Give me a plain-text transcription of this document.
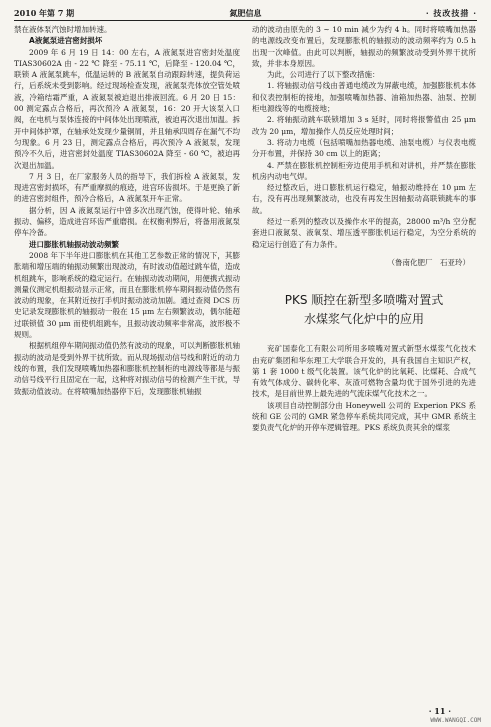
氮肥信息
2010 年第 7 期	· 技改技措 ·

禁在液体泵汽蚀时增加转速。

A液氮泵进宫密封损坏

2009 年 6 月 19 日 14：00 左右，A 液氮泵进宫密封处温度 TIAS30602A 由 - 22 ℃ 降至 - 75.11 ℃，后降至 - 120.04 ℃，联锁 A 液氮泵跳车，低温运转的 B 液氮泵自动跟踪转速，提负荷运行，后系统未受到影响。经过现场检查发现，液氮泵壳体放空管处喷液，冷箱结霜严重，A 液氮泵被迫退出排液回流。6 月 20 日 15：00 测定露点合格后，再次预冷 A 液氮泵，16：20 开大该泵入口阀，在电机与泵体连接的中间体处出现喷液，被迫再次退出加温。拆开中间体护罩，在轴承处发现少量铜屑，并且轴承四周存在漏气不均匀现象。6 月 23 日，测定露点合格后，再次预冷 A 液氮泵，发现预冷不久后，进宫密封处温度 TIAS30602A 降至 - 60 ℃，被迫再次退出加温。

7 月 3 日，在厂家服务人员的指导下，我们拆检 A 液氮泵，发现进宫密封损坏，有严重摩损的痕迹，进宫环齿损坏。于是更换了新的进宫密封组件，预冷合格后，A 液氮泵开车正常。

据分析，因 A 液氮泵运行中曾多次出现汽蚀，使得叶轮、轴承振动、偏移，造成进宫环齿严重磨损。在权衡利弊后，将备用液氮泵停车冷备。

进口膨胀机轴振动波动频繁

2008 年下半年进口膨胀机在其他工艺参数正常的情况下，其膨胀端和增压端的轴振动频繁出现波动，有时波动值超过跳车值，造成机组跳车，影响系统的稳定运行。在轴振动波动期间，用便携式振动测量仪测定机组振动显示正常，而且在膨胀机停车期间振动值仍然有波动的现象，在其附近按打手机时振动波动加剧。通过查阅 DCS 历史记录发现膨胀机的轴振动一般在 15 μm 左右频繁波动，偶尔能超过联锁值 30 μm 而使机组跳车，且振动波动频率非常高，波形极不规则。

根据机组停车期间振动值仍然有波动的现象，可以判断膨胀机轴振动的波动是受到外界干扰所致。而从现场振动信号线和附近的动力线的布置，我们发现喷嘴加热器和膨胀机控制柜的电源线等都是与振动信号线平行且固定在一起，这种将对振动信号的检测产生干扰，导致振动值波动。在将喷嘴加热器停下后，发现膨胀机轴振

动的波动由原先的 3 ~ 10 min 减少为约 4 h。同时将喷嘴加热器的电源线改变布置后，发现膨胀机的轴振动的波动频率约为 0.5 h 出现一次峰值。由此可以判断，轴振动的频繁波动受到外界干扰所致，并非本身原因。

为此，公司进行了以下整改措施：

1. 将轴振动信号线由普通电缆改为屏蔽电缆，加强膨胀机本体和仪表控制柜的接地，加强喷嘴加热器、油箱加热器、油泵、控制柜电源线等的电缆接地；

2. 将轴振动跳车联锁增加 3 s 延时，同时将报警值由 25 μm 改为 20 μm，增加操作人员反应处理时间；

3. 将动力电缆（包括喷嘴加热器电缆、油泵电缆）与仪表电缆分开布置，并保持 30 cm 以上的距离；

4. 严禁在膨胀机控制柜旁边使用手机和对讲机，并严禁在膨胀机房内动电气焊。

经过整改后，进口膨胀机运行稳定，轴振动维持在 10 μm 左右，没有再出现频繁波动，也没有再发生因轴振动高联锁跳车的事故。

经过一系列的整改以及操作水平的提高，28000 m³/h 空分配套进口液氮泵、液氧泵、增压透平膨胀机运行稳定，为空分系统的稳定运行创造了有力条件。

（鲁南化肥厂　石亚玲）

PKS 顺控在新型多喷嘴对置式
水煤浆气化炉中的应用

兖矿国泰化工有限公司所用多喷嘴对置式新型水煤浆气化技术由兖矿集团和华东理工大学联合开发的，具有我国自主知识产权，第 1 套 1000 t 级气化装置。该气化炉的比氧耗、比煤耗、合成气有效气体成分、碳转化率、灰渣可燃物含量均优于国外引进的先进技术，是目前世界上最先进的气流床煤气化技术之一。

该项目自动控制部分由 Honeywell 公司的 Experion PKS 系统和 GE 公司的 GMR 紧急停车系统共同完成，其中 GMR 系统主要负责气化炉的开停车逻辑管理。PKS 系统负责其余的煤浆

· 11 ·
WWW.WANGQI.COM
